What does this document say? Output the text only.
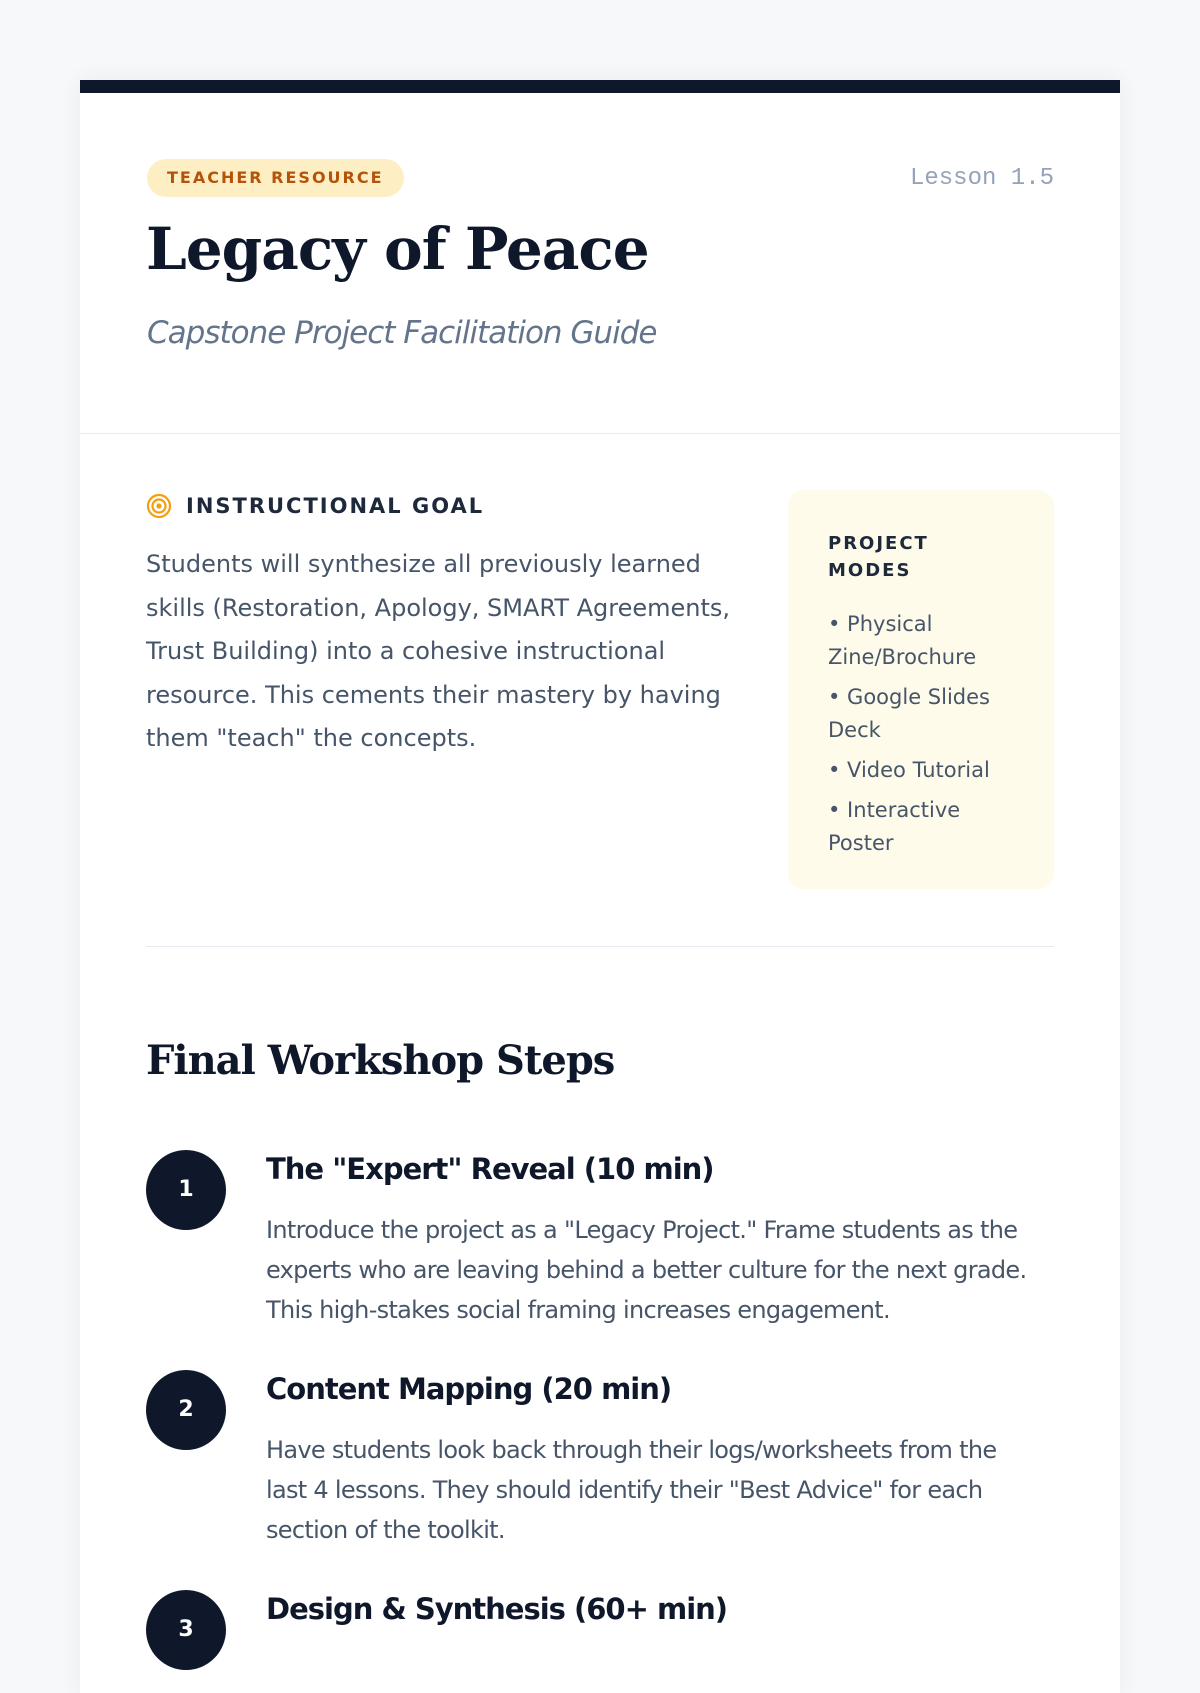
TEACHER RESOURCE	Lesson 1.5
Legacy of Peace

Capstone Project Facilitation Guide

INSTRUCTIONAL GOAL

Students will synthesize all previously learned skills (Restoration, Apology, SMART Agreements, Trust Building) into a cohesive instructional resource. This cements their mastery by having them "teach" the concepts.

PROJECT MODES
• Physical Zine/Brochure
• Google Slides Deck
• Video Tutorial
• Interactive Poster
Final Workshop Steps
1
The "Expert" Reveal (10 min)

Introduce the project as a "Legacy Project." Frame students as the experts who are leaving behind a better culture for the next grade. This high-stakes social framing increases engagement.

2
Content Mapping (20 min)

Have students look back through their logs/worksheets from the last 4 lessons. They should identify their "Best Advice" for each section of the toolkit.

3
Design & Synthesis (60+ min)
